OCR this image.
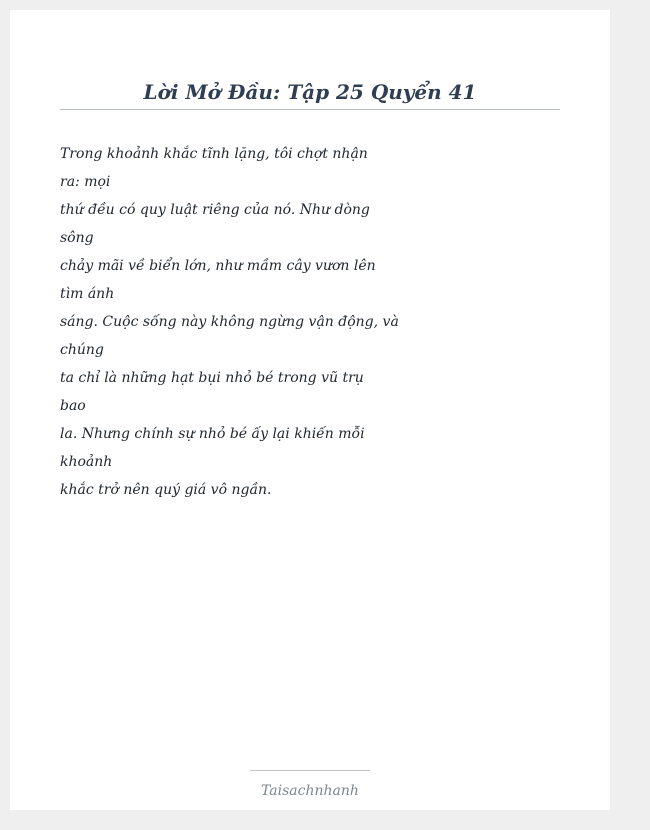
Lời Mở Đầu: Tập 25 Quyển 41
Trong khoảnh khắc tĩnh lặng, tôi chợt nhận
ra: mọi
thứ đều có quy luật riêng của nó. Như dòng
sông
chảy mãi về biển lớn, như mầm cây vươn lên
tìm ánh
sáng. Cuộc sống này không ngừng vận động, và
chúng
ta chỉ là những hạt bụi nhỏ bé trong vũ trụ
bao
la. Nhưng chính sự nhỏ bé ấy lại khiến mỗi
khoảnh
khắc trở nên quý giá vô ngần.
Taisachnhanh
